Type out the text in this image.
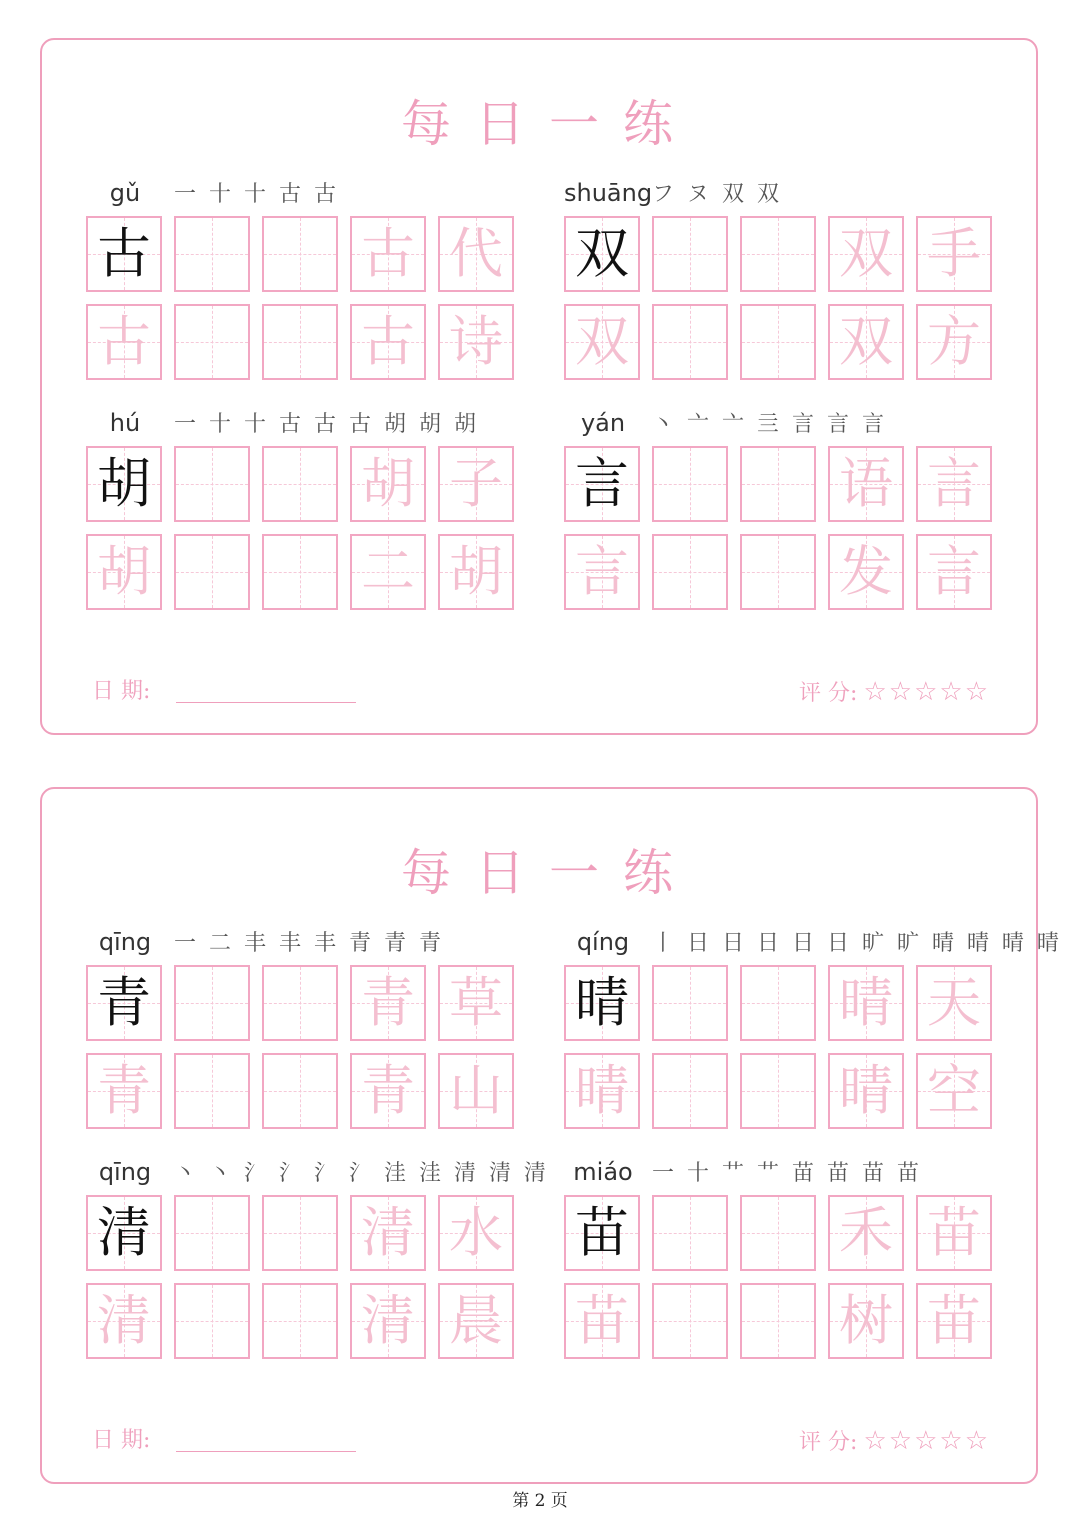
每 日 一 练
gǔ	一 十 十 古 古
古	古 代
古	古 诗
shuāng フ ヌ 双 双
双	双 手
双	双 方
hú	一 十 十 古 古 古 胡 胡 胡
胡	胡 子
胡	二 胡
yán	丶 亠 亠 亖 言 言 言
言	语 言
言	发 言
日 期:	评 分: ☆☆☆☆☆
每 日 一 练
qīng	一 二 丰 丰 丰 青 青 青
青	青 草
青	青 山
qíng	丨 日 日 日 日 日 旷 旷 晴 晴 晴 晴
晴	晴 天
晴	晴 空
qīng	丶 丶 氵 氵 氵 氵 洼 洼 清 清 清
清	清 水
清	清 晨
miáo 一 十 艹 艹 苗 苗 苗 苗
苗	禾 苗
苗	树 苗
日 期:	评 分: ☆☆☆☆☆
第 2 页
